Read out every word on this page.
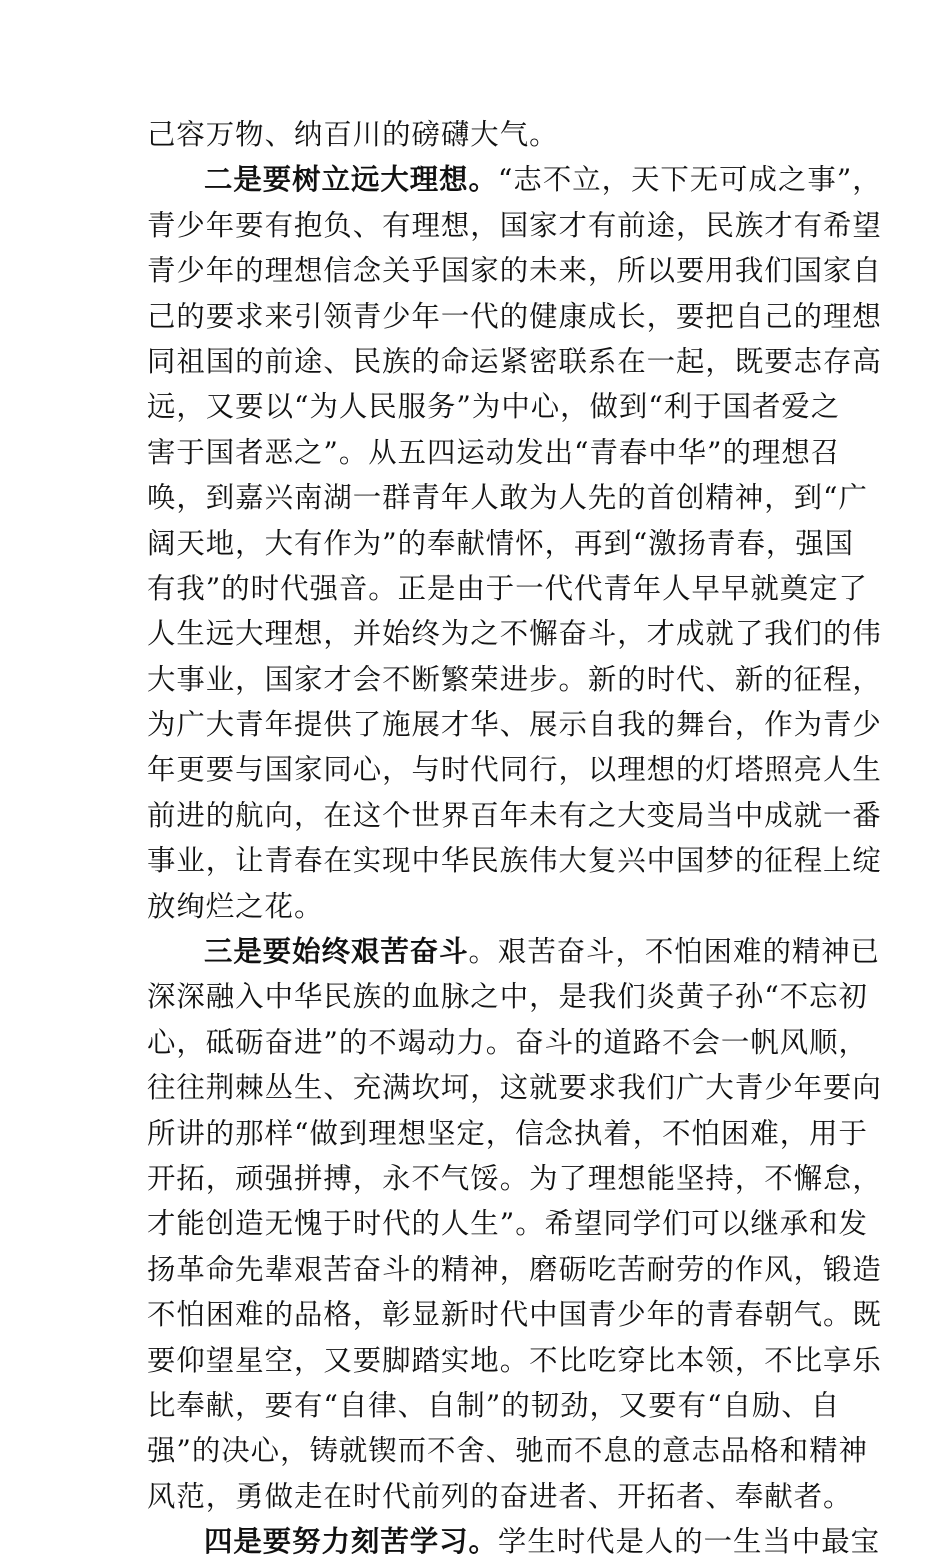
己容万物、纳百川的磅礴大气。
二是要树立远大理想。“志不立，天下无可成之事”，
青少年要有抱负、有理想，国家才有前途，民族才有希望
青少年的理想信念关乎国家的未来，所以要用我们国家自
己的要求来引领青少年一代的健康成长，要把自己的理想
同祖国的前途、民族的命运紧密联系在一起，既要志存高
远，又要以“为人民服务”为中心，做到“利于国者爱之
害于国者恶之”。从五四运动发出“青春中华”的理想召
唤，到嘉兴南湖一群青年人敢为人先的首创精神，到“广
阔天地，大有作为”的奉献情怀，再到“激扬青春，强国
有我”的时代强音。正是由于一代代青年人早早就奠定了
人生远大理想，并始终为之不懈奋斗，才成就了我们的伟
大事业，国家才会不断繁荣进步。新的时代、新的征程，
为广大青年提供了施展才华、展示自我的舞台，作为青少
年更要与国家同心，与时代同行，以理想的灯塔照亮人生
前进的航向，在这个世界百年未有之大变局当中成就一番
事业，让青春在实现中华民族伟大复兴中国梦的征程上绽
放绚烂之花。
三是要始终艰苦奋斗。艰苦奋斗，不怕困难的精神已
深深融入中华民族的血脉之中，是我们炎黄子孙“不忘初
心，砥砺奋进”的不竭动力。奋斗的道路不会一帆风顺，
往往荆棘丛生、充满坎坷，这就要求我们广大青少年要向
所讲的那样“做到理想坚定，信念执着，不怕困难，用于
开拓，顽强拼搏，永不气馁。为了理想能坚持，不懈怠，
才能创造无愧于时代的人生”。希望同学们可以继承和发
扬革命先辈艰苦奋斗的精神，磨砺吃苦耐劳的作风，锻造
不怕困难的品格，彰显新时代中国青少年的青春朝气。既
要仰望星空，又要脚踏实地。不比吃穿比本领，不比享乐
比奉献，要有“自律、自制”的韧劲，又要有“自励、自
强”的决心，铸就锲而不舍、驰而不息的意志品格和精神
风范，勇做走在时代前列的奋进者、开拓者、奉献者。
四是要努力刻苦学习。学生时代是人的一生当中最宝
